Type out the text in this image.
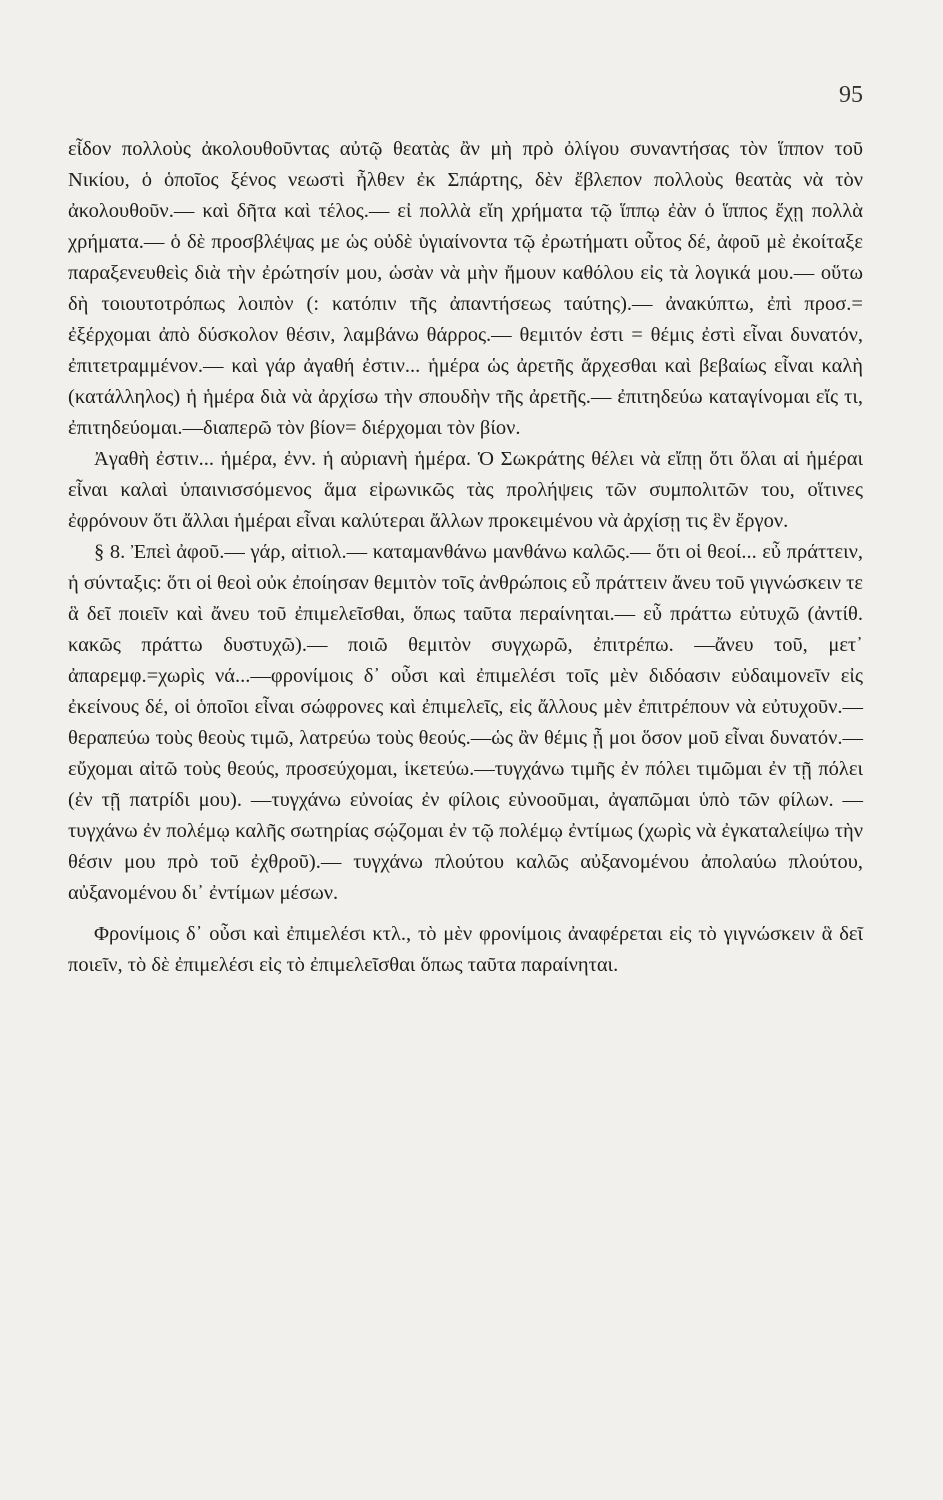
95

εἶδον πολλοὺς ἀκολουθοῦντας αὐτῷ θεατὰς ἂν μὴ πρὸ ὀλίγου συναντήσας τὸν ἵππον τοῦ Νικίου, ὁ ὁποῖος ξένος νεωστὶ ἦλθεν ἐκ Σπάρτης, δὲν ἔβλεπον πολλοὺς θεατὰς νὰ τὸν ἀκολουθοῦν.— καὶ δῆτα καὶ τέλος.— εἰ πολλὰ εἴη χρήματα τῷ ἵππῳ ἐὰν ὁ ἵππος ἔχῃ πολλὰ χρήματα.— ὁ δὲ προσβλέψας με ὡς οὐδὲ ὑγιαίνοντα τῷ ἐρωτήματι οὗτος δέ, ἀφοῦ μὲ ἐκοίταξε παραξενευθεὶς διὰ τὴν ἐρώτησίν μου, ὡσὰν νὰ μὴν ἤμουν καθόλου εἰς τὰ λογικά μου.— οὕτω δὴ τοιουτοτρόπως λοιπὸν (: κατόπιν τῆς ἀπαντήσεως ταύτης).— ἀνακύπτω, ἐπὶ προσ.= ἐξέρχομαι ἀπὸ δύσκολον θέσιν, λαμβάνω θάρρος.— θεμιτόν ἐστι = θέμις ἐστὶ εἶναι δυνατόν, ἐπιτετραμμένον.— καὶ γάρ ἀγαθή ἐστιν... ἡμέρα ὡς ἀρετῆς ἄρχεσθαι καὶ βεβαίως εἶναι καλὴ (κατάλληλος) ἡ ἡμέρα διὰ νὰ ἀρχίσω τὴν σπουδὴν τῆς ἀρετῆς.— ἐπιτηδεύω καταγίνομαι εἴς τι, ἐπιτηδεύομαι.—διαπερῶ τὸν βίον= διέρχομαι τὸν βίον.

Ἀγαθὴ ἐστιν... ἡμέρα, ἐνν. ἡ αὐριανὴ ἡμέρα. Ὁ Σωκράτης θέλει νὰ εἴπῃ ὅτι ὅλαι αἱ ἡμέραι εἶναι καλαὶ ὑπαινισσόμενος ἅμα εἰρωνικῶς τὰς προλήψεις τῶν συμπολιτῶν του, οἵτινες ἐφρόνουν ὅτι ἄλλαι ἡμέραι εἶναι καλύτεραι ἄλλων προκειμένου νὰ ἀρχίσῃ τις ἓν ἔργον.

§ 8. Ἐπεὶ ἀφοῦ.— γάρ, αἰτιολ.— καταμανθάνω μανθάνω καλῶς.— ὅτι οἱ θεοί... εὖ πράττειν, ἡ σύνταξις: ὅτι οἱ θεοὶ οὐκ ἐποίησαν θεμιτὸν τοῖς ἀνθρώποις εὖ πράττειν ἄνευ τοῦ γιγνώσκειν τε ἃ δεῖ ποιεῖν καὶ ἄνευ τοῦ ἐπιμελεῖσθαι, ὅπως ταῦτα περαίνηται.— εὖ πράττω εὐτυχῶ (ἀντίθ. κακῶς πράττω δυστυχῶ).— ποιῶ θεμιτὸν συγχωρῶ, ἐπιτρέπω. —ἄνευ τοῦ, μετ᾽ ἀπαρεμφ.=χωρὶς νά...—φρονίμοις δ᾽ οὖσι καὶ ἐπιμελέσι τοῖς μὲν διδόασιν εὐδαιμονεῖν εἰς ἐκείνους δέ, οἱ ὁποῖοι εἶναι σώφρονες καὶ ἐπιμελεῖς, εἰς ἄλλους μὲν ἐπιτρέπουν νὰ εὐτυχοῦν.— θεραπεύω τοὺς θεοὺς τιμῶ, λατρεύω τοὺς θεούς.—ὡς ἂν θέμις ᾖ μοι ὅσον μοῦ εἶναι δυνατόν.—εὔχομαι αἰτῶ τοὺς θεούς, προσεύχομαι, ἱκετεύω.—τυγχάνω τιμῆς ἐν πόλει τιμῶμαι ἐν τῇ πόλει (ἐν τῇ πατρίδι μου). —τυγχάνω εὐνοίας ἐν φίλοις εὐνοοῦμαι, ἀγαπῶμαι ὑπὸ τῶν φίλων. — τυγχάνω ἐν πολέμῳ καλῆς σωτηρίας σῴζομαι ἐν τῷ πολέμῳ ἐντίμως (χωρὶς νὰ ἐγκαταλείψω τὴν θέσιν μου πρὸ τοῦ ἐχθροῦ).— τυγχάνω πλούτου καλῶς αὐξανομένου ἀπολαύω πλούτου, αὐξανομένου δι᾽ ἐντίμων μέσων.

Φρονίμοις δ᾽ οὖσι καὶ ἐπιμελέσι κτλ., τὸ μὲν φρονίμοις ἀναφέρεται εἰς τὸ γιγνώσκειν ἃ δεῖ ποιεῖν, τὸ δὲ ἐπιμελέσι εἰς τὸ ἐπιμελεῖσθαι ὅπως ταῦτα παραίνηται.
